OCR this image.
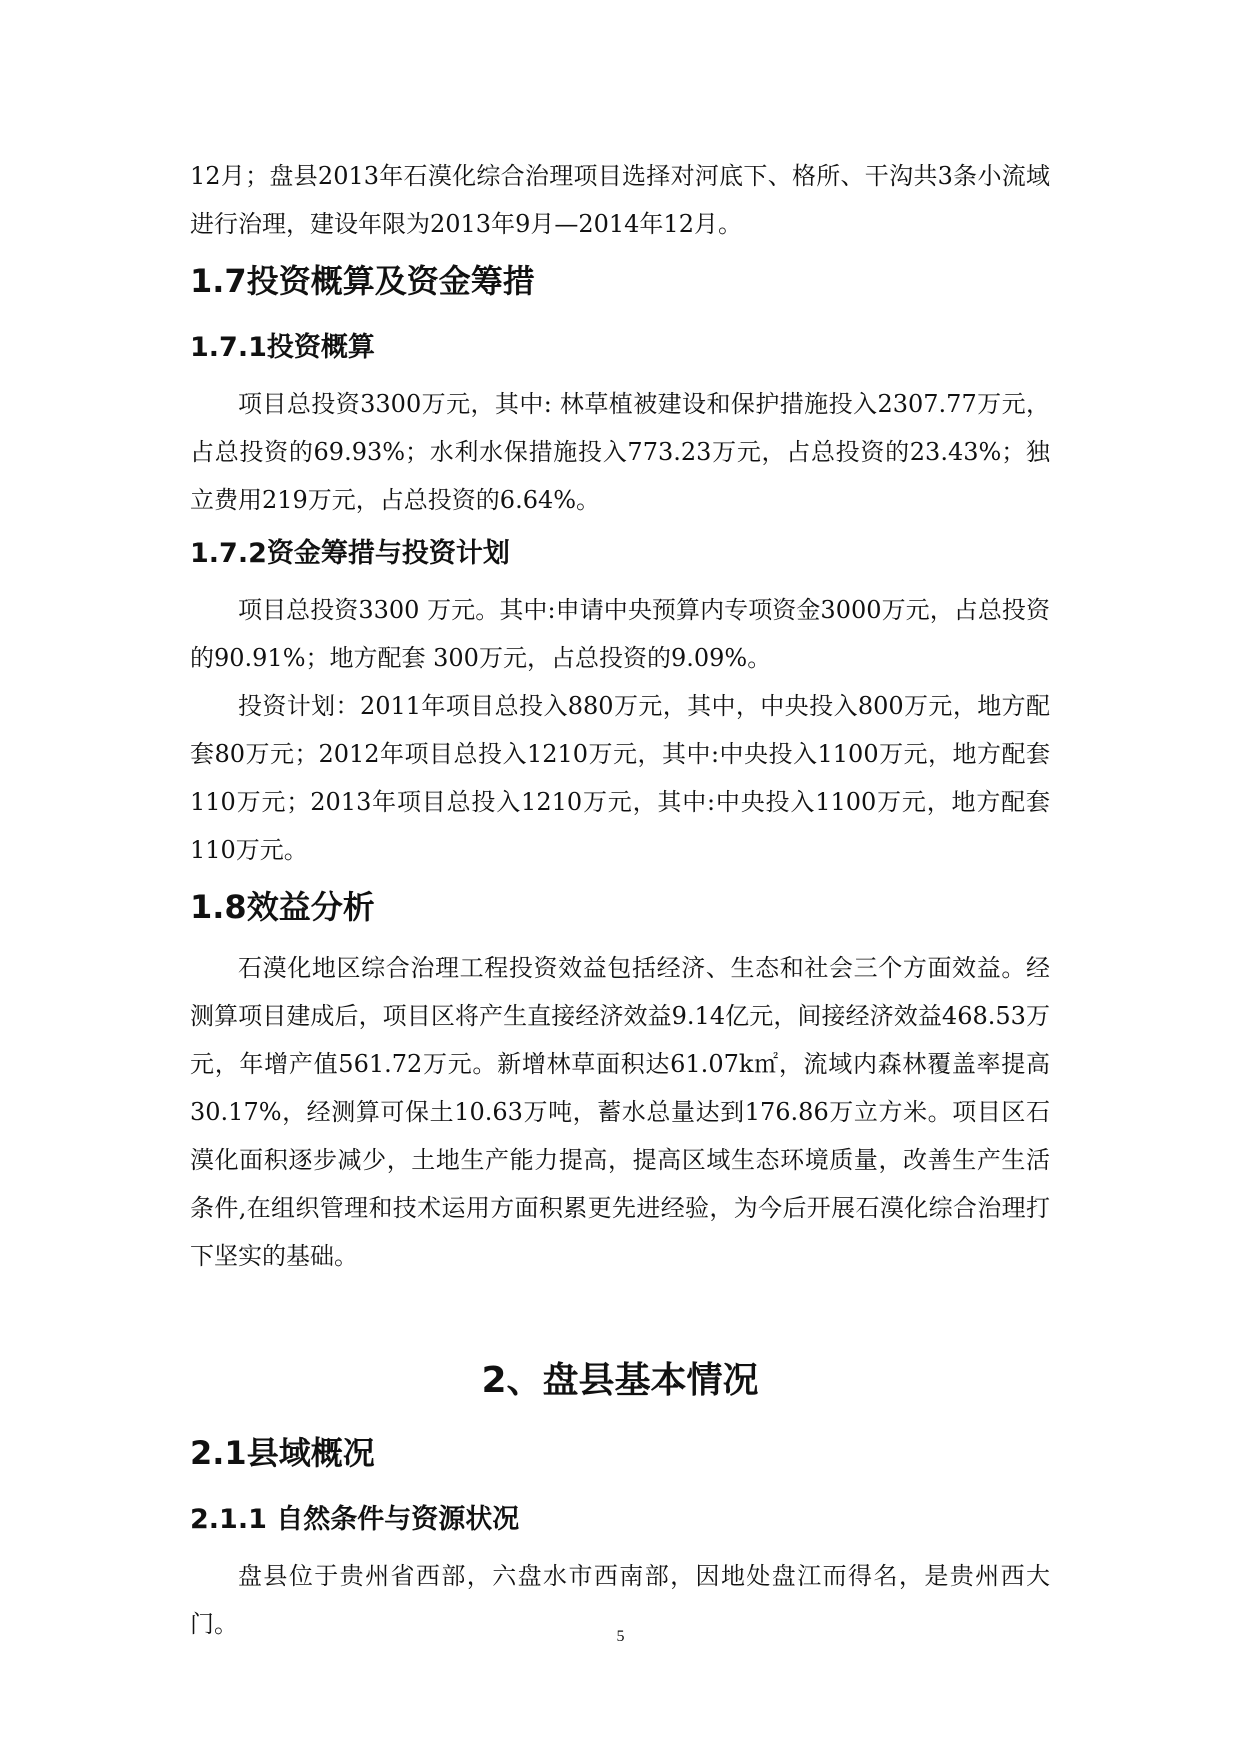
12月；盘县2013年石漠化综合治理项目选择对河底下、格所、干沟共3条小流域进行治理，建设年限为2013年9月—2014年12月。

1.7投资概算及资金筹措
1.7.1投资概算

项目总投资3300万元，其中: 林草植被建设和保护措施投入2307.77万元，占总投资的69.93%；水利水保措施投入773.23万元，占总投资的23.43%；独立费用219万元，占总投资的6.64%。

1.7.2资金筹措与投资计划

项目总投资3300 万元。其中:申请中央预算内专项资金3000万元，占总投资的90.91%；地方配套 300万元，占总投资的9.09%。

投资计划：2011年项目总投入880万元，其中，中央投入800万元，地方配套80万元；2012年项目总投入1210万元，其中:中央投入1100万元，地方配套110万元；2013年项目总投入1210万元，其中:中央投入1100万元，地方配套110万元。

1.8效益分析

石漠化地区综合治理工程投资效益包括经济、生态和社会三个方面效益。经测算项目建成后，项目区将产生直接经济效益9.14亿元，间接经济效益468.53万元，年增产值561.72万元。新增林草面积达61.07k㎡，流域内森林覆盖率提高30.17%，经测算可保土10.63万吨，蓄水总量达到176.86万立方米。项目区石漠化面积逐步减少，土地生产能力提高，提高区域生态环境质量，改善生产生活条件,在组织管理和技术运用方面积累更先进经验，为今后开展石漠化综合治理打下坚实的基础。

2、盘县基本情况
2.1县域概况
2.1.1 自然条件与资源状况

盘县位于贵州省西部，六盘水市西南部，因地处盘江而得名，是贵州西大门。	5
